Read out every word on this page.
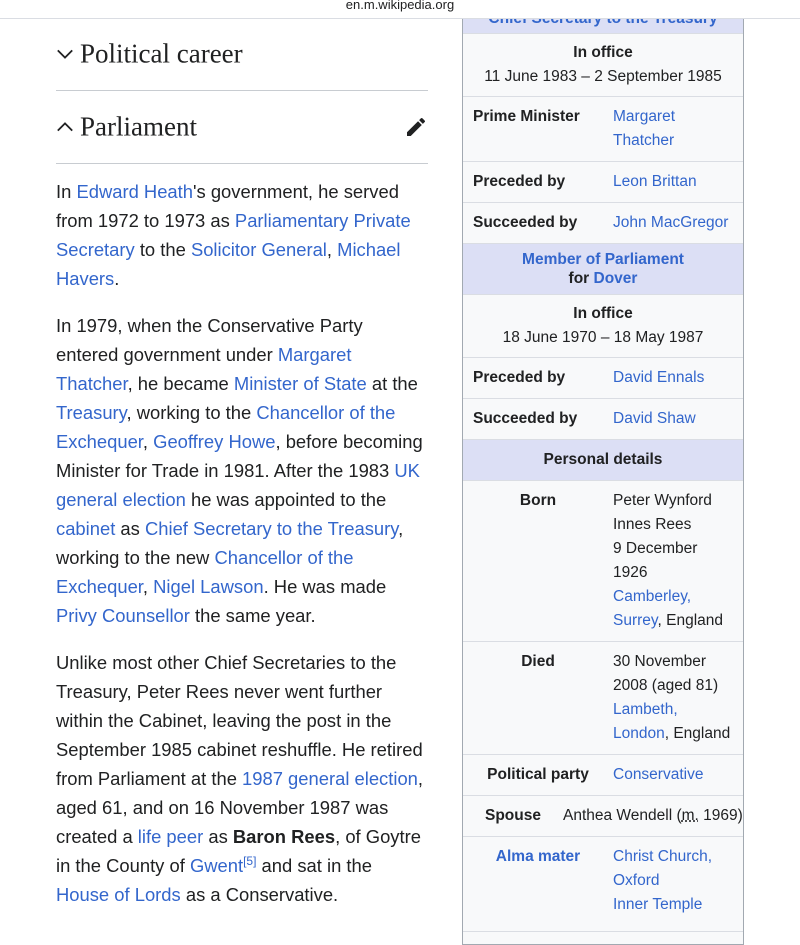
en.m.wikipedia.org
Political career
Parliament

In Edward Heath's government, he served from 1972 to 1973 as Parliamentary Private Secretary to the Solicitor General, Michael Havers.

In 1979, when the Conservative Party entered government under Margaret Thatcher, he became Minister of State at the Treasury, working to the Chancellor of the Exchequer, Geoffrey Howe, before becoming Minister for Trade in 1981. After the 1983 UK general election he was appointed to the cabinet as Chief Secretary to the Treasury, working to the new Chancellor of the Exchequer, Nigel Lawson. He was made Privy Counsellor the same year.

Unlike most other Chief Secretaries to the Treasury, Peter Rees never went further within the Cabinet, leaving the post in the September 1985 cabinet reshuffle. He retired from Parliament at the 1987 general election, aged 61, and on 16 November 1987 was created a life peer as Baron Rees, of Goytre in the County of Gwent[5] and sat in the House of Lords as a Conservative.

In office
11 June 1983 – 2 September 1985
Prime Minister	Margaret Thatcher
Preceded by	Leon Brittan
Succeeded by	John MacGregor
Member of Parliament
for Dover
In office
18 June 1970 – 18 May 1987
Preceded by	David Ennals
Succeeded by	David Shaw
Personal details
Born	Peter Wynford Innes Rees
9 December 1926
Camberley, Surrey, England
Died	30 November 2008 (aged 81)
Lambeth, London, England
Political party	Conservative
Spouse	Anthea Wendell (m. 1969)
Alma mater	Christ Church, Oxford
Inner Temple
